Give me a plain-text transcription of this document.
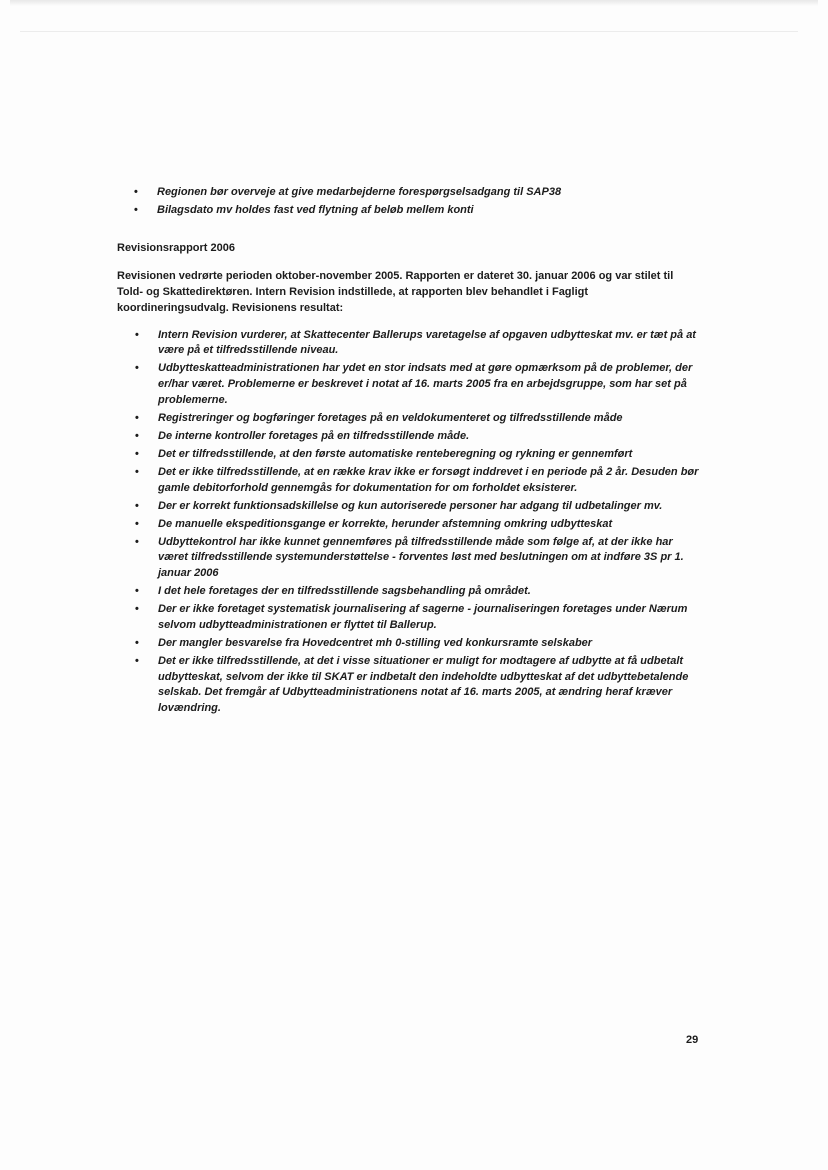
• Regionen bør overveje at give medarbejderne forespørgselsadgang til SAP38
• Bilagsdato mv holdes fast ved flytning af beløb mellem konti
Revisionsrapport 2006
Revisionen vedrørte perioden oktober-november 2005. Rapporten er dateret 30. januar 2006 og var stilet til Told- og Skattedirektøren. Intern Revision indstillede, at rapporten blev behandlet i Fagligt koordineringsudvalg. Revisionens resultat:
• Intern Revision vurderer, at Skattecenter Ballerups varetagelse af opgaven udbytteskat mv. er tæt på at være på et tilfredsstillende niveau.
• Udbytteskatteadministrationen har ydet en stor indsats med at gøre opmærksom på de problemer, der er/har været. Problemerne er beskrevet i notat af 16. marts 2005 fra en arbejdsgruppe, som har set på problemerne.
• Registreringer og bogføringer foretages på en veldokumenteret og tilfredsstillende måde
• De interne kontroller foretages på en tilfredsstillende måde.
• Det er tilfredsstillende, at den første automatiske renteberegning og rykning er gennemført
• Det er ikke tilfredsstillende, at en række krav ikke er forsøgt inddrevet i en periode på 2 år. Desuden bør gamle debitorforhold gennemgås for dokumentation for om forholdet eksisterer.
• Der er korrekt funktionsadskillelse og kun autoriserede personer har adgang til udbetalinger mv.
• De manuelle ekspeditionsgange er korrekte, herunder afstemning omkring udbytteskat
• Udbyttekontrol har ikke kunnet gennemføres på tilfredsstillende måde som følge af, at der ikke har været tilfredsstillende systemunderstøttelse - forventes løst med beslutningen om at indføre 3S pr 1. januar 2006
• I det hele foretages der en tilfredsstillende sagsbehandling på området.
• Der er ikke foretaget systematisk journalisering af sagerne - journaliseringen foretages under Nærum selvom udbytteadministrationen er flyttet til Ballerup.
• Der mangler besvarelse fra Hovedcentret mh 0-stilling ved konkursramte selskaber
• Det er ikke tilfredsstillende, at det i visse situationer er muligt for modtagere af udbytte at få udbetalt udbytteskat, selvom der ikke til SKAT er indbetalt den indeholdte udbytteskat af det udbyttebetalende selskab. Det fremgår af Udbytteadministrationens notat af 16. marts 2005, at ændring heraf kræver lovændring.
29
